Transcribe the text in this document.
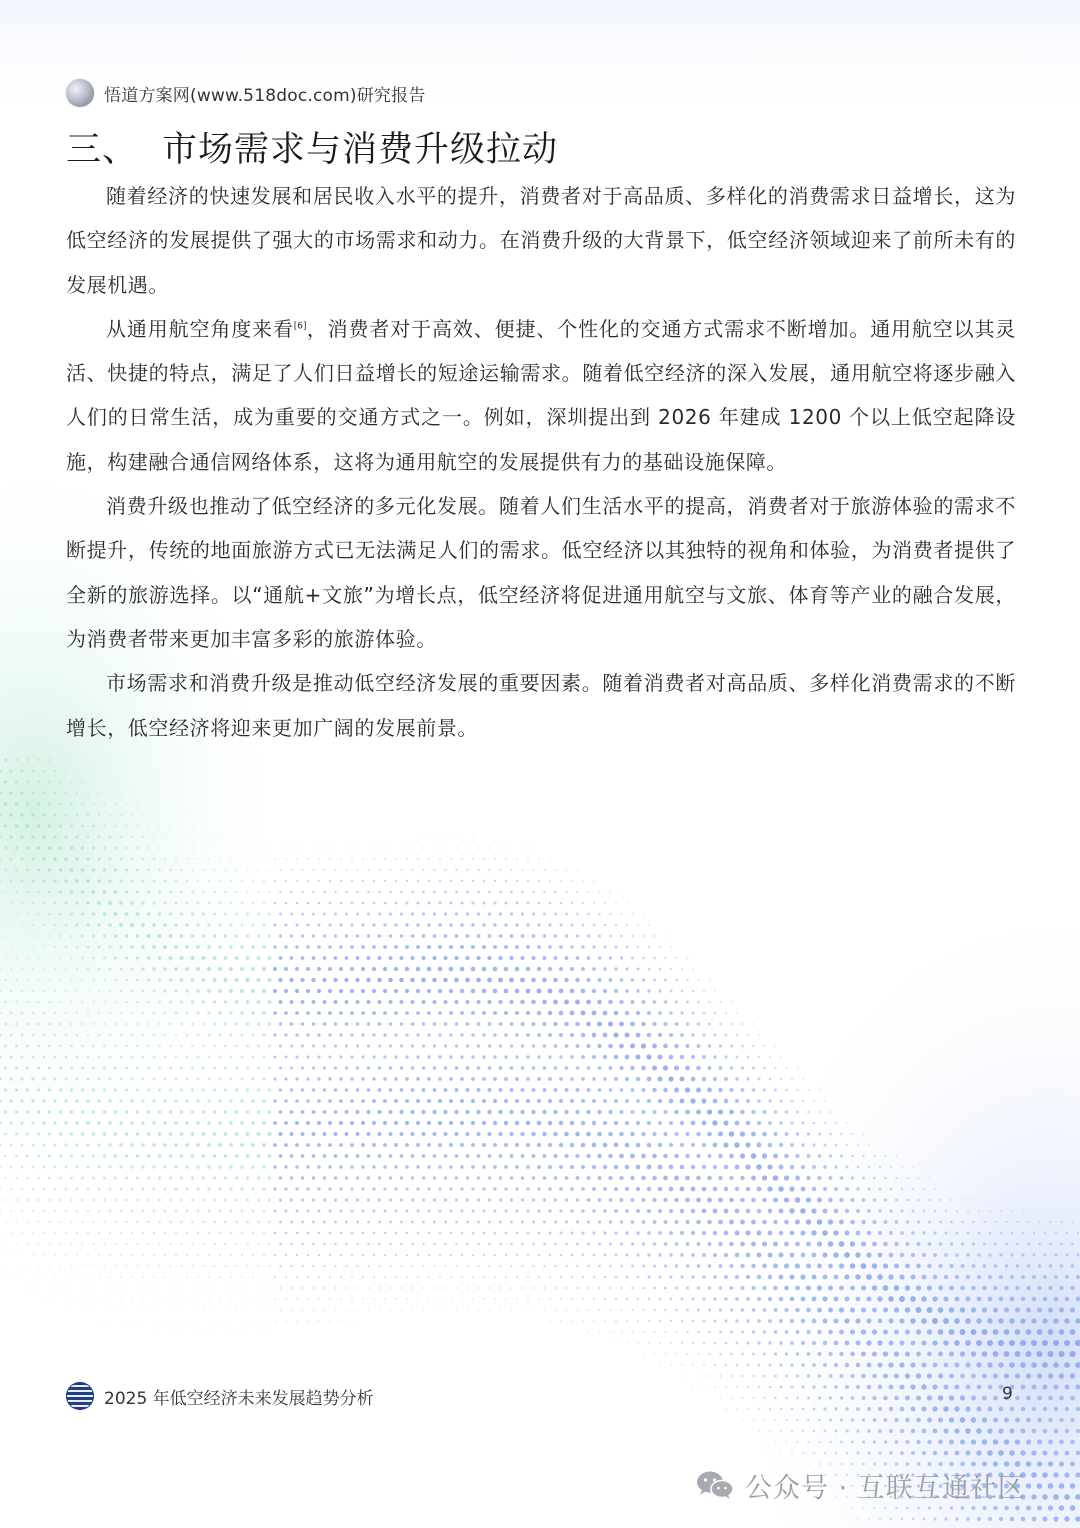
悟道方案网(www.518doc.com)研究报告
三、 市场需求与消费升级拉动

随着经济的快速发展和居民收入水平的提升，消费者对于高品质、多样化的消费需求日益增长，这为低空经济的发展提供了强大的市场需求和动力。在消费升级的大背景下，低空经济领域迎来了前所未有的发展机遇。

从通用航空角度来看[6]，消费者对于高效、便捷、个性化的交通方式需求不断增加。通用航空以其灵活、快捷的特点，满足了人们日益增长的短途运输需求。随着低空经济的深入发展，通用航空将逐步融入人们的日常生活，成为重要的交通方式之一。例如，深圳提出到 2026 年建成 1200 个以上低空起降设施，构建融合通信网络体系，这将为通用航空的发展提供有力的基础设施保障。

消费升级也推动了低空经济的多元化发展。随着人们生活水平的提高，消费者对于旅游体验的需求不断提升，传统的地面旅游方式已无法满足人们的需求。低空经济以其独特的视角和体验，为消费者提供了全新的旅游选择。以“通航+文旅”为增长点，低空经济将促进通用航空与文旅、体育等产业的融合发展，为消费者带来更加丰富多彩的旅游体验。

市场需求和消费升级是推动低空经济发展的重要因素。随着消费者对高品质、多样化消费需求的不断增长，低空经济将迎来更加广阔的发展前景。

2025 年低空经济未来发展趋势分析	9
公众号 · 互联互通社区
